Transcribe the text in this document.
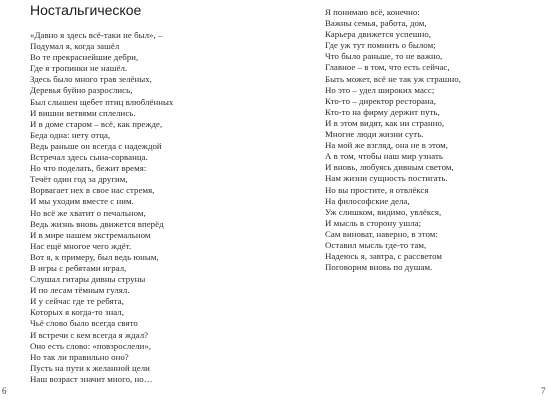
Ностальгическое
«Давно я здесь всё-таки не был», –
Подумал я, когда зашёл
Во те прекраснейшие дебри,
Где я тропинки не нашёл.
Здесь было много трав зелёных,
Деревья буйно разрослись,
Был слышен щебет птиц влюблённых
И вишни ветвями сплелись.
И в доме старом – всё, как прежде,
Беда одна: нету отца,
Ведь раньше он всегда с надеждой
Встречал здесь сына-сорванца.
Но что поделать, бежит время:
Течёт один год за другим,
Ворвагает нех в свое нас стремя,
И мы уходим вместе с ним.
Но всё же хватит о печальном,
Ведь жизнь вновь движется вперёд
И в мире нашем экстремальном
Нас ещё многое чего ждёт.
Вот я, к примеру, был ведь юным,
В игры с ребятами играл,
Слушал гитары дивны струны
И по лесам тёмным гулял.
И у сейчас где те ребята,
Которых я когда-то знал,
Чьё слово было всегда свято
И встречи с кем всегда я ждал?
Оно есть слово: «повзрослели»,
Но так ли правильно оно?
Пусть на пути к желанной цели
Наш возраст значит много, но…
6
Я понимаю всё, конечно:
Важны семья, работа, дом,
Карьера движется успешно,
Где уж тут помнить о былом;
Что было раньше, то не важно,
Главное – в том, что есть сейчас,
Быть может, всё не так уж страшно,
Но это – удел широких масс;
Кто-то – директор ресторана,
Кто-то на фирму держит путь,
И в этом видят, как ни странно,
Многие люди жизни суть.
На мой же взгляд, она не в этом,
А в том, чтобы наш мир узнать
И вновь, любуясь дивным светом,
Нам жизни сущность постигать.
Но вы простите, я отвлёкся
На философские дела,
Уж слишком, видимо, увлёкся,
И мысль в сторону ушла;
Сам виноват, наверно, в этом:
Оставил мысль где-то там,
Надеюсь я, завтра, с рассветом
Поговорим вновь по душам.
7
